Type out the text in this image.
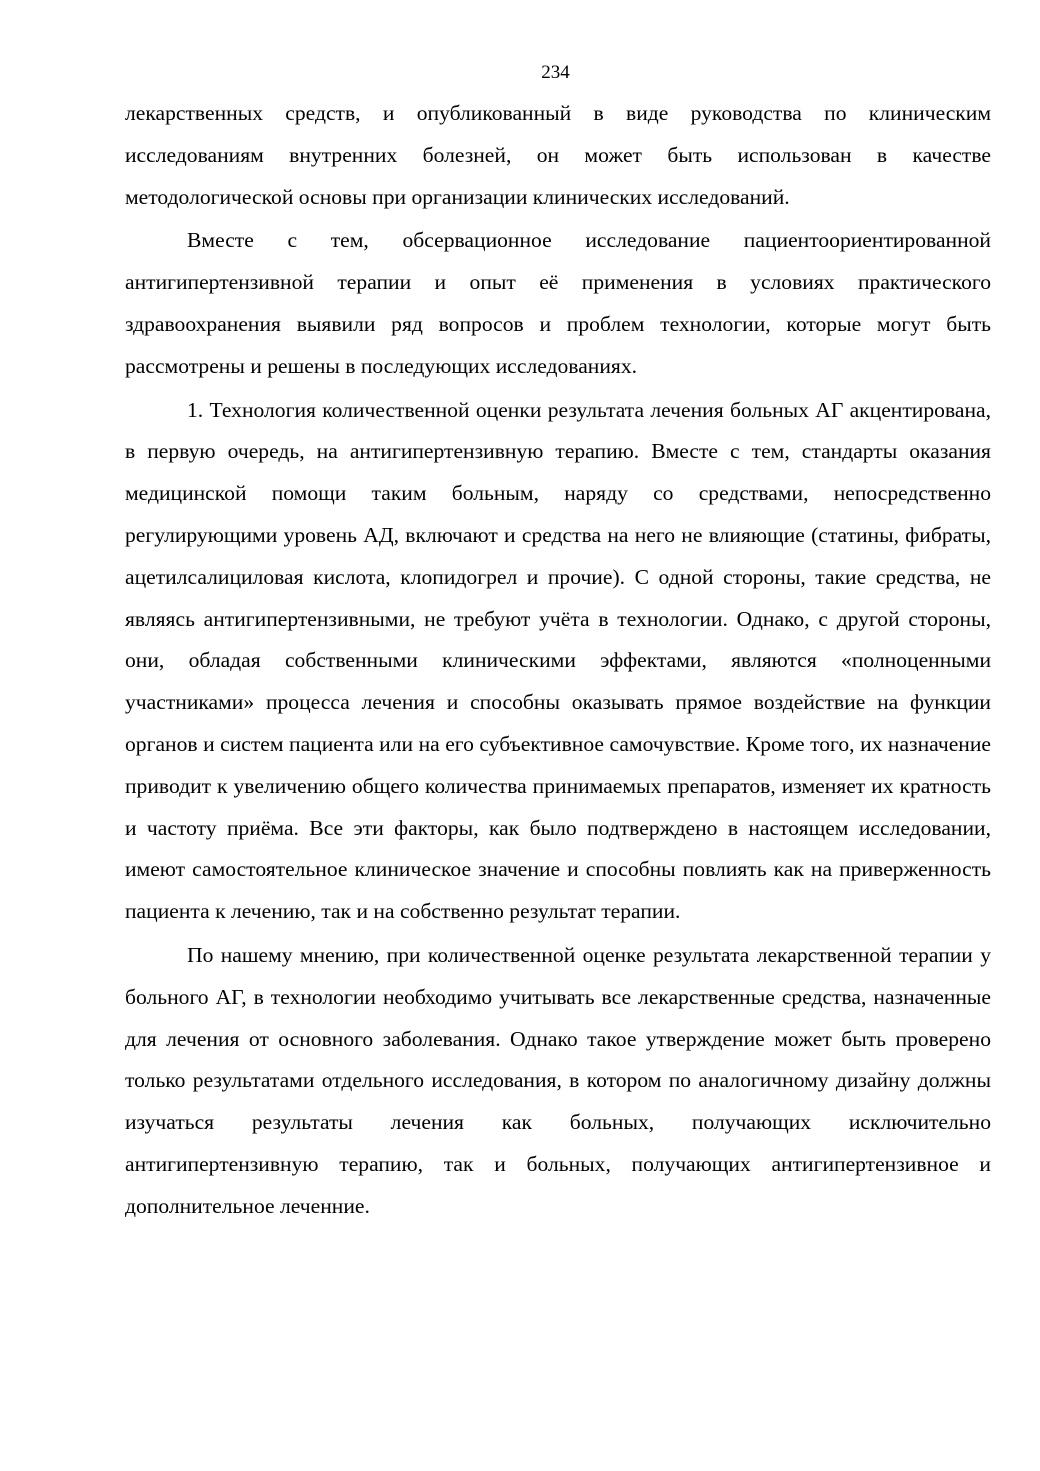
234

лекарственных средств, и опубликованный в виде руководства по клиническим исследованиям внутренних болезней, он может быть использован в качестве методологической основы при организации клинических исследований.

Вместе с тем, обсервационное исследование пациентоориентированной антигипертензивной терапии и опыт её применения в условиях практического здравоохранения выявили ряд вопросов и проблем технологии, которые могут быть рассмотрены и решены в последующих исследованиях.

1. Технология количественной оценки результата лечения больных АГ акцентирована, в первую очередь, на антигипертензивную терапию. Вместе с тем, стандарты оказания медицинской помощи таким больным, наряду со средствами, непосредственно регулирующими уровень АД, включают и средства на него не влияющие (статины, фибраты, ацетилсалициловая кислота, клопидогрел и прочие). С одной стороны, такие средства, не являясь антигипертензивными, не требуют учёта в технологии. Однако, с другой стороны, они, обладая собственными клиническими эффектами, являются «полноценными участниками» процесса лечения и способны оказывать прямое воздействие на функции органов и систем пациента или на его субъективное самочувствие. Кроме того, их назначение приводит к увеличению общего количества принимаемых препаратов, изменяет их кратность и частоту приёма. Все эти факторы, как было подтверждено в настоящем исследовании, имеют самостоятельное клиническое значение и способны повлиять как на приверженность пациента к лечению, так и на собственно результат терапии.

По нашему мнению, при количественной оценке результата лекарственной терапии у больного АГ, в технологии необходимо учитывать все лекарственные средства, назначенные для лечения от основного заболевания. Однако такое утверждение может быть проверено только результатами отдельного исследования, в котором по аналогичному дизайну должны изучаться результаты лечения как больных, получающих исключительно антигипертензивную терапию, так и больных, получающих антигипертензивное и дополнительное леченние.
